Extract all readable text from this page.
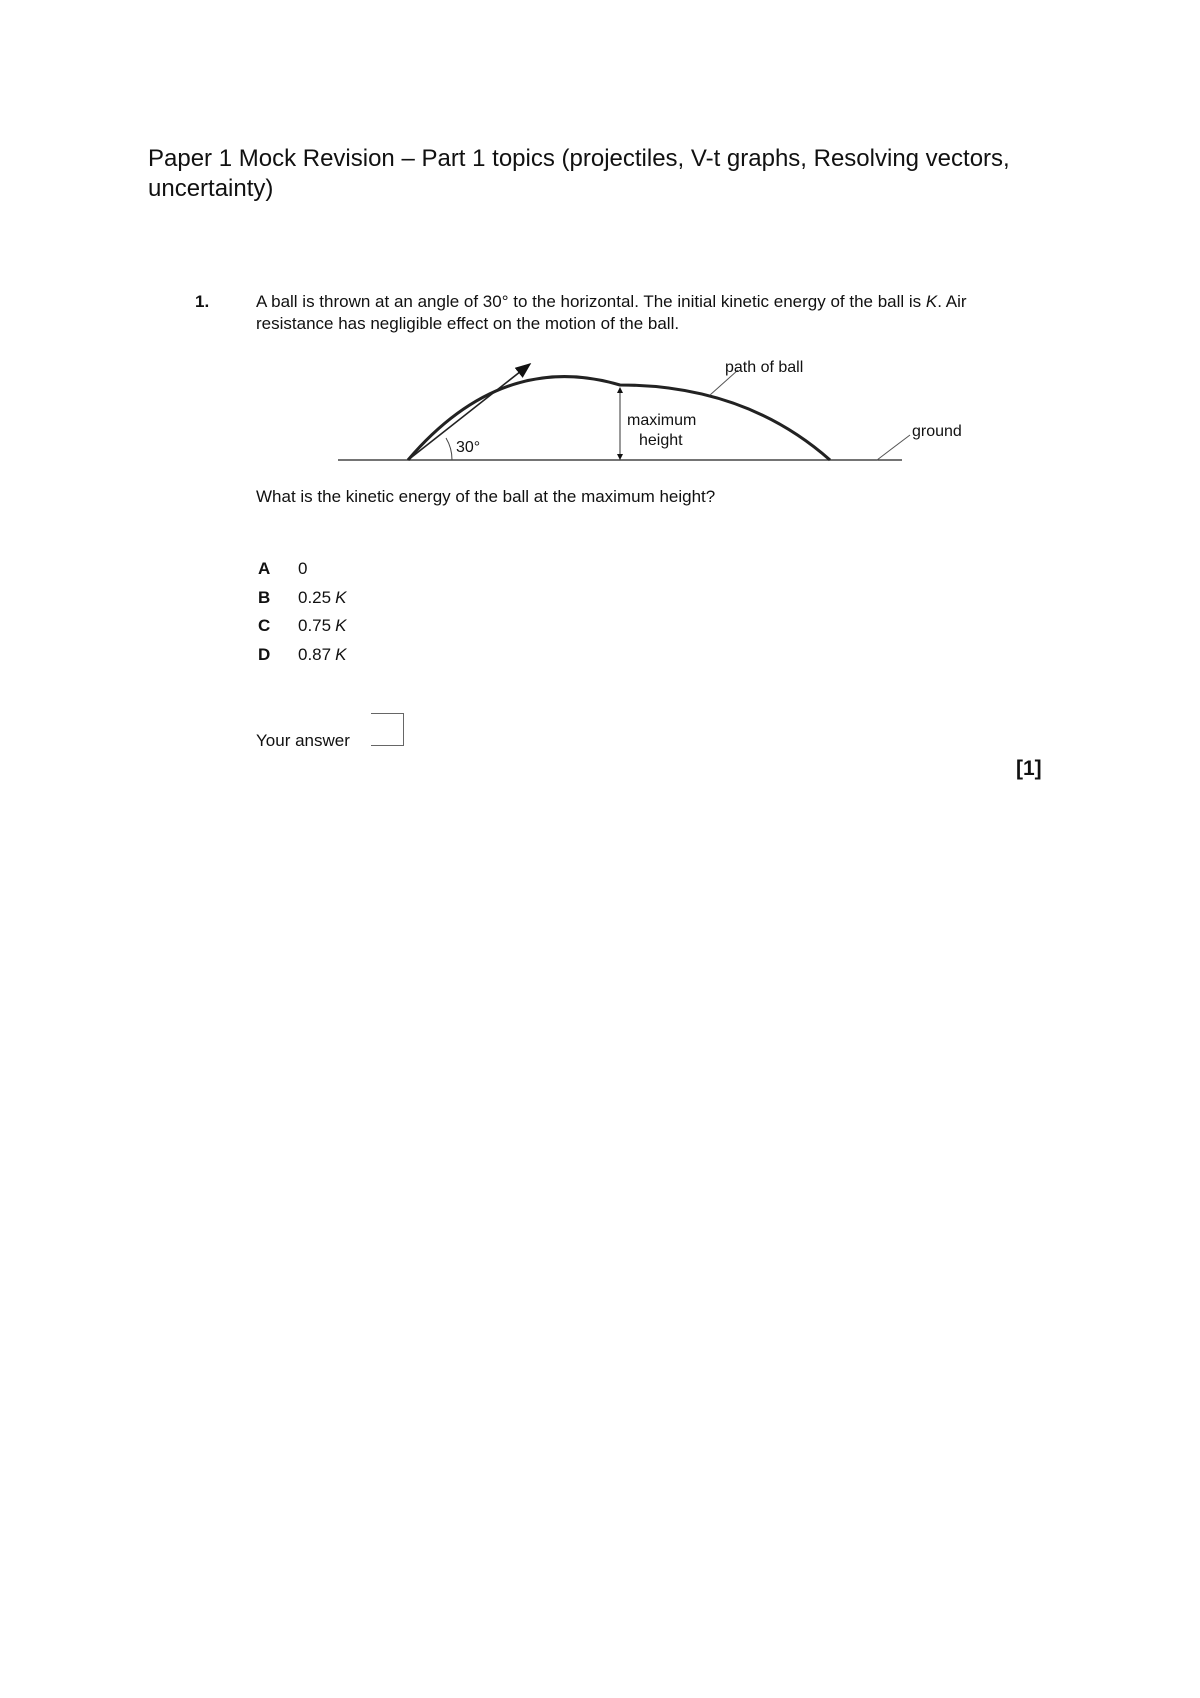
Paper 1 Mock Revision – Part 1 topics (projectiles, V-t graphs, Resolving vectors, uncertainty)
1.	A ball is thrown at an angle of 30° to the horizontal. The initial kinetic energy of the ball is K. Air resistance has negligible effect on the motion of the ball.

30°
maximum
height
path of ball
ground

What is the kinetic energy of the ball at the maximum height?

A	0
B	0.25 K
C	0.75 K
D	0.87 K
Your answer
[1]
